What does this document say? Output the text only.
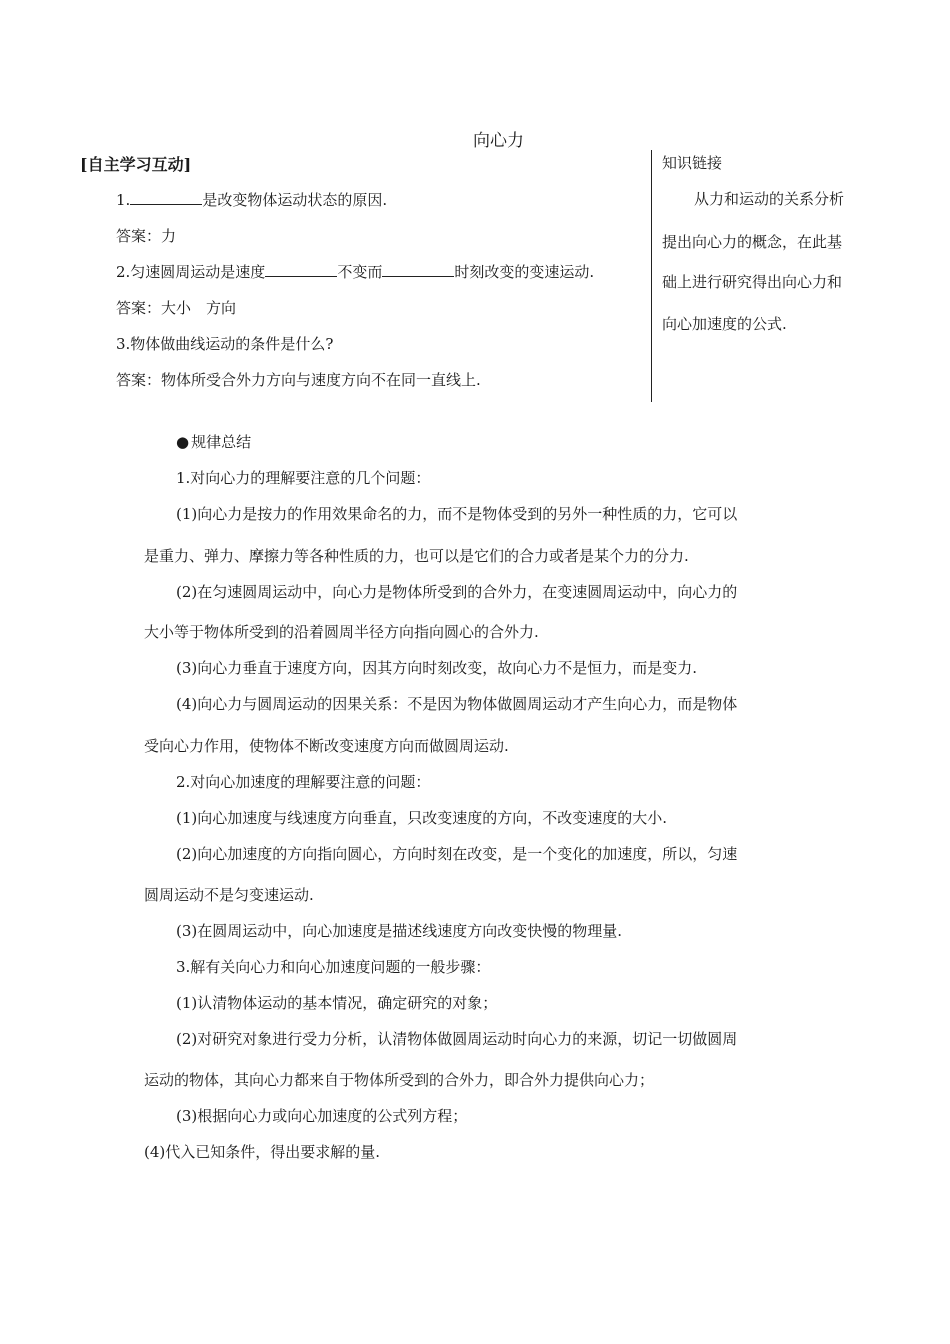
向心力
[自主学习互动]
1.	是改变物体运动状态的原因.
答案：力
2.匀速圆周运动是速度	不变而	时刻改变的变速运动.
答案：大小　方向
3.物体做曲线运动的条件是什么?
答案：物体所受合外力方向与速度方向不在同一直线上.
知识链接
从力和运动的关系分析
提出向心力的概念，在此基
础上进行研究得出向心力和
向心加速度的公式.
● 规律总结
1.对向心力的理解要注意的几个问题：
(1)向心力是按力的作用效果命名的力，而不是物体受到的另外一种性质的力，它可以
是重力、弹力、摩擦力等各种性质的力，也可以是它们的合力或者是某个力的分力.
(2)在匀速圆周运动中，向心力是物体所受到的合外力，在变速圆周运动中，向心力的
大小等于物体所受到的沿着圆周半径方向指向圆心的合外力.
(3)向心力垂直于速度方向，因其方向时刻改变，故向心力不是恒力，而是变力.
(4)向心力与圆周运动的因果关系：不是因为物体做圆周运动才产生向心力，而是物体
受向心力作用，使物体不断改变速度方向而做圆周运动.
2.对向心加速度的理解要注意的问题：
(1)向心加速度与线速度方向垂直，只改变速度的方向，不改变速度的大小.
(2)向心加速度的方向指向圆心，方向时刻在改变，是一个变化的加速度，所以，匀速
圆周运动不是匀变速运动.
(3)在圆周运动中，向心加速度是描述线速度方向改变快慢的物理量.
3.解有关向心力和向心加速度问题的一般步骤：
(1)认清物体运动的基本情况，确定研究的对象；
(2)对研究对象进行受力分析，认清物体做圆周运动时向心力的来源，切记一切做圆周
运动的物体，其向心力都来自于物体所受到的合外力，即合外力提供向心力；
(3)根据向心力或向心加速度的公式列方程；
(4)代入已知条件，得出要求解的量.
